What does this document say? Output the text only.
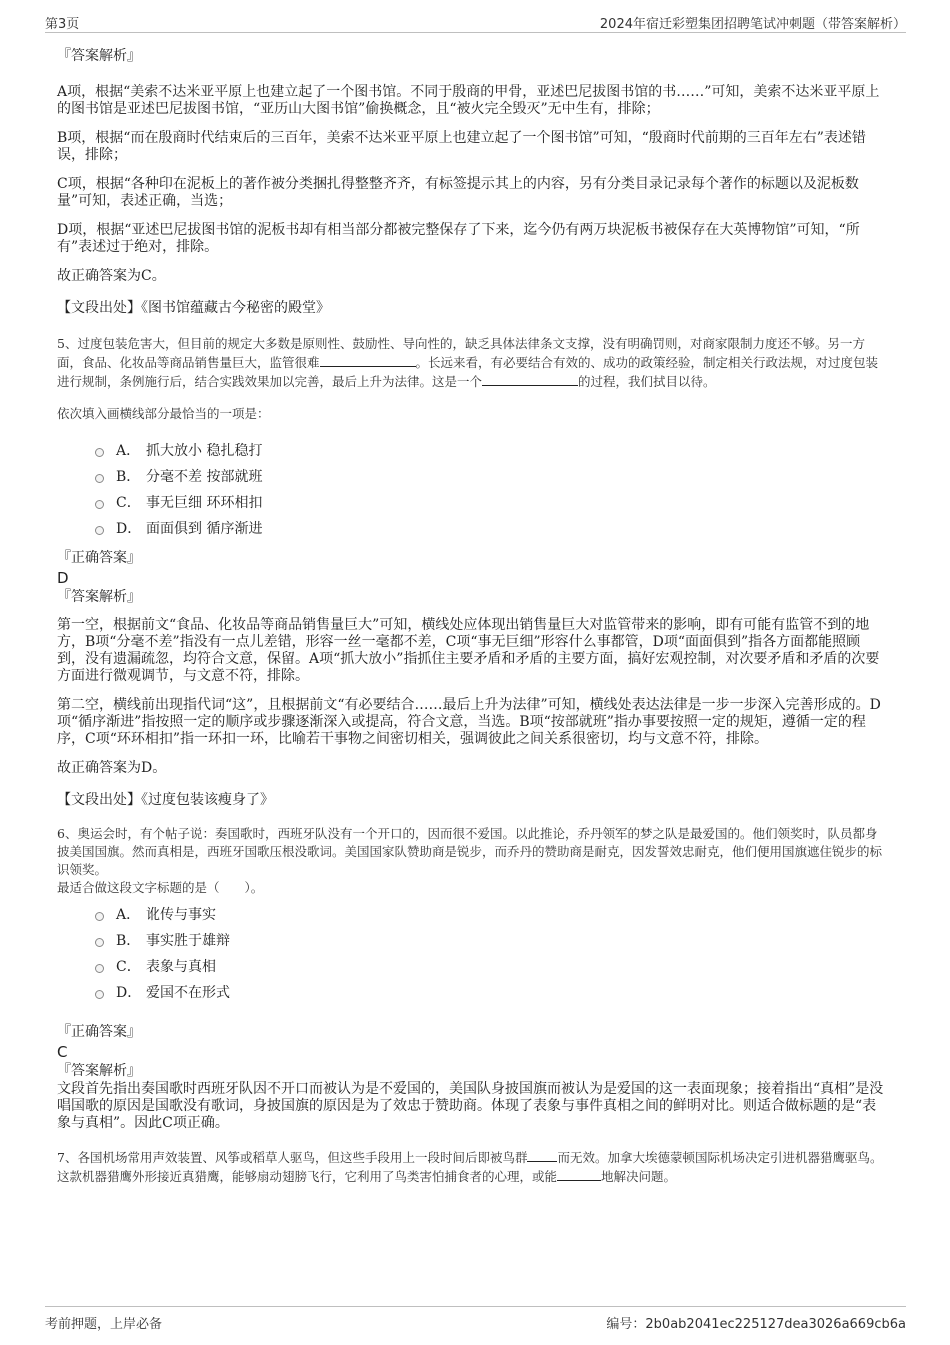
第3页	2024年宿迁彩塑集团招聘笔试冲刺题（带答案解析）

『答案解析』

A项，根据“美索不达米亚平原上也建立起了一个图书馆。不同于殷商的甲骨，亚述巴尼拔图书馆的书……”可知，美索不达米亚平原上的图书馆是亚述巴尼拔图书馆，“亚历山大图书馆”偷换概念，且“被火完全毁灭”无中生有，排除；

B项，根据“而在殷商时代结束后的三百年，美索不达米亚平原上也建立起了一个图书馆”可知，“殷商时代前期的三百年左右”表述错误，排除；

C项，根据“各种印在泥板上的著作被分类捆扎得整整齐齐，有标签提示其上的内容，另有分类目录记录每个著作的标题以及泥板数量”可知，表述正确，当选；

D项，根据“亚述巴尼拔图书馆的泥板书却有相当部分都被完整保存了下来，迄今仍有两万块泥板书被保存在大英博物馆”可知，“所有”表述过于绝对，排除。

故正确答案为C。

【文段出处】《图书馆蕴藏古今秘密的殿堂》

5、过度包装危害大，但目前的规定大多数是原则性、鼓励性、导向性的，缺乏具体法律条文支撑，没有明确罚则，对商家限制力度还不够。另一方面，食品、化妆品等商品销售量巨大，监管很难	。长远来看，有必要结合有效的、成功的政策经验，制定相关行政法规，对过度包装进行规制，条例施行后，结合实践效果加以完善，最后上升为法律。这是一个	的过程，我们拭目以待。

依次填入画横线部分最恰当的一项是：

A． 抓大放小 稳扎稳打
B． 分毫不差 按部就班
C． 事无巨细 环环相扣
D． 面面俱到 循序渐进

『正确答案』

D

『答案解析』

第一空，根据前文“食品、化妆品等商品销售量巨大”可知，横线处应体现出销售量巨大对监管带来的影响，即有可能有监管不到的地方，B项“分毫不差”指没有一点儿差错，形容一丝一毫都不差，C项“事无巨细”形容什么事都管，D项“面面俱到”指各方面都能照顾到，没有遗漏疏忽，均符合文意，保留。A项“抓大放小”指抓住主要矛盾和矛盾的主要方面，搞好宏观控制，对次要矛盾和矛盾的次要方面进行微观调节，与文意不符，排除。

第二空，横线前出现指代词“这”，且根据前文“有必要结合……最后上升为法律”可知，横线处表达法律是一步一步深入完善形成的。D项“循序渐进”指按照一定的顺序或步骤逐渐深入或提高，符合文意，当选。B项“按部就班”指办事要按照一定的规矩，遵循一定的程序，C项“环环相扣”指一环扣一环，比喻若干事物之间密切相关，强调彼此之间关系很密切，均与文意不符，排除。

故正确答案为D。

【文段出处】《过度包装该瘦身了》

6、奥运会时，有个帖子说：奏国歌时，西班牙队没有一个开口的，因而很不爱国。以此推论，乔丹领军的梦之队是最爱国的。他们领奖时，队员都身披美国国旗。然而真相是，西班牙国歌压根没歌词。美国国家队赞助商是锐步，而乔丹的赞助商是耐克，因发誓效忠耐克，他们便用国旗遮住锐步的标识领奖。

最适合做这段文字标题的是（　　）。

A． 讹传与事实
B． 事实胜于雄辩
C． 表象与真相
D． 爱国不在形式

『正确答案』

C

『答案解析』

文段首先指出奏国歌时西班牙队因不开口而被认为是不爱国的，美国队身披国旗而被认为是爱国的这一表面现象；接着指出“真相”是没唱国歌的原因是国歌没有歌词，身披国旗的原因是为了效忠于赞助商。体现了表象与事件真相之间的鲜明对比。则适合做标题的是“表象与真相”。因此C项正确。

7、各国机场常用声效装置、风筝或稻草人驱鸟，但这些手段用上一段时间后即被鸟群 而无效。加拿大埃德蒙顿国际机场决定引进机器猎鹰驱鸟。这款机器猎鹰外形接近真猎鹰，能够扇动翅膀飞行，它利用了鸟类害怕捕食者的心理，或能	地解决问题。

考前押题，上岸必备	编号：2b0ab2041ec225127dea3026a669cb6a
